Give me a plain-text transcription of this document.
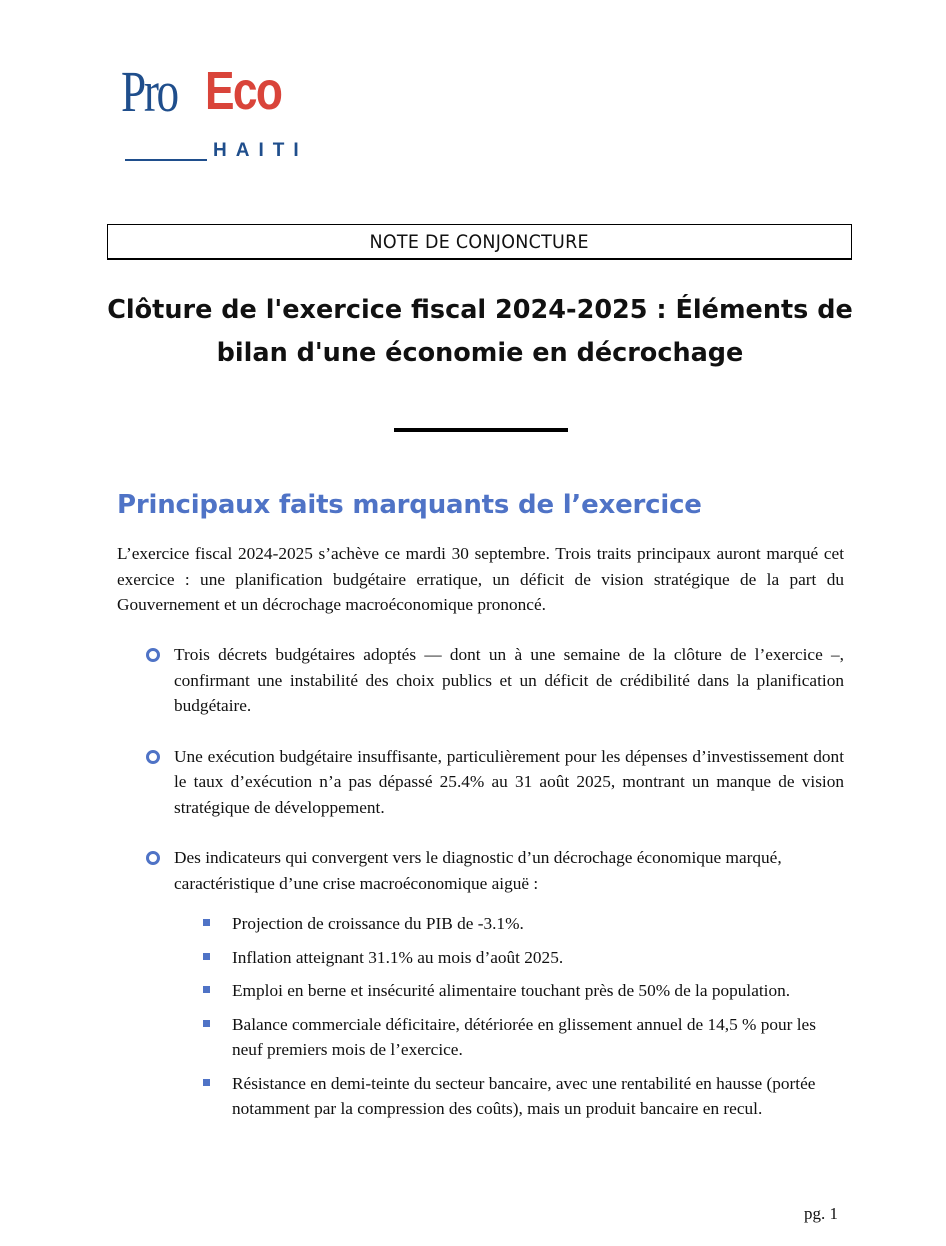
Pro Eco
HAITI
NOTE DE CONJONCTURE
Clôture de l'exercice fiscal 2024-2025 : Éléments de bilan d'une économie en décrochage
Principaux faits marquants de l’exercice

L’exercice fiscal 2024-2025 s’achève ce mardi 30 septembre. Trois traits principaux auront marqué cet exercice : une planification budgétaire erratique, un déficit de vision stratégique de la part du Gouvernement et un décrochage macroéconomique prononcé.

Trois décrets budgétaires adoptés — dont un à une semaine de la clôture de l’exercice –, confirmant une instabilité des choix publics et un déficit de crédibilité dans la planification budgétaire.
Une exécution budgétaire insuffisante, particulièrement pour les dépenses d’investissement dont le taux d’exécution n’a pas dépassé 25.4% au 31 août 2025, montrant un manque de vision stratégique de développement.
Des indicateurs qui convergent vers le diagnostic d’un décrochage économique marqué, caractéristique d’une crise macroéconomique aiguë :
Projection de croissance du PIB de -3.1%.
Inflation atteignant 31.1% au mois d’août 2025.
Emploi en berne et insécurité alimentaire touchant près de 50% de la population.
Balance commerciale déficitaire, détériorée en glissement annuel de 14,5 % pour les neuf premiers mois de l’exercice.
Résistance en demi-teinte du secteur bancaire, avec une rentabilité en hausse (portée notamment par la compression des coûts), mais un produit bancaire en recul.
pg. 1
